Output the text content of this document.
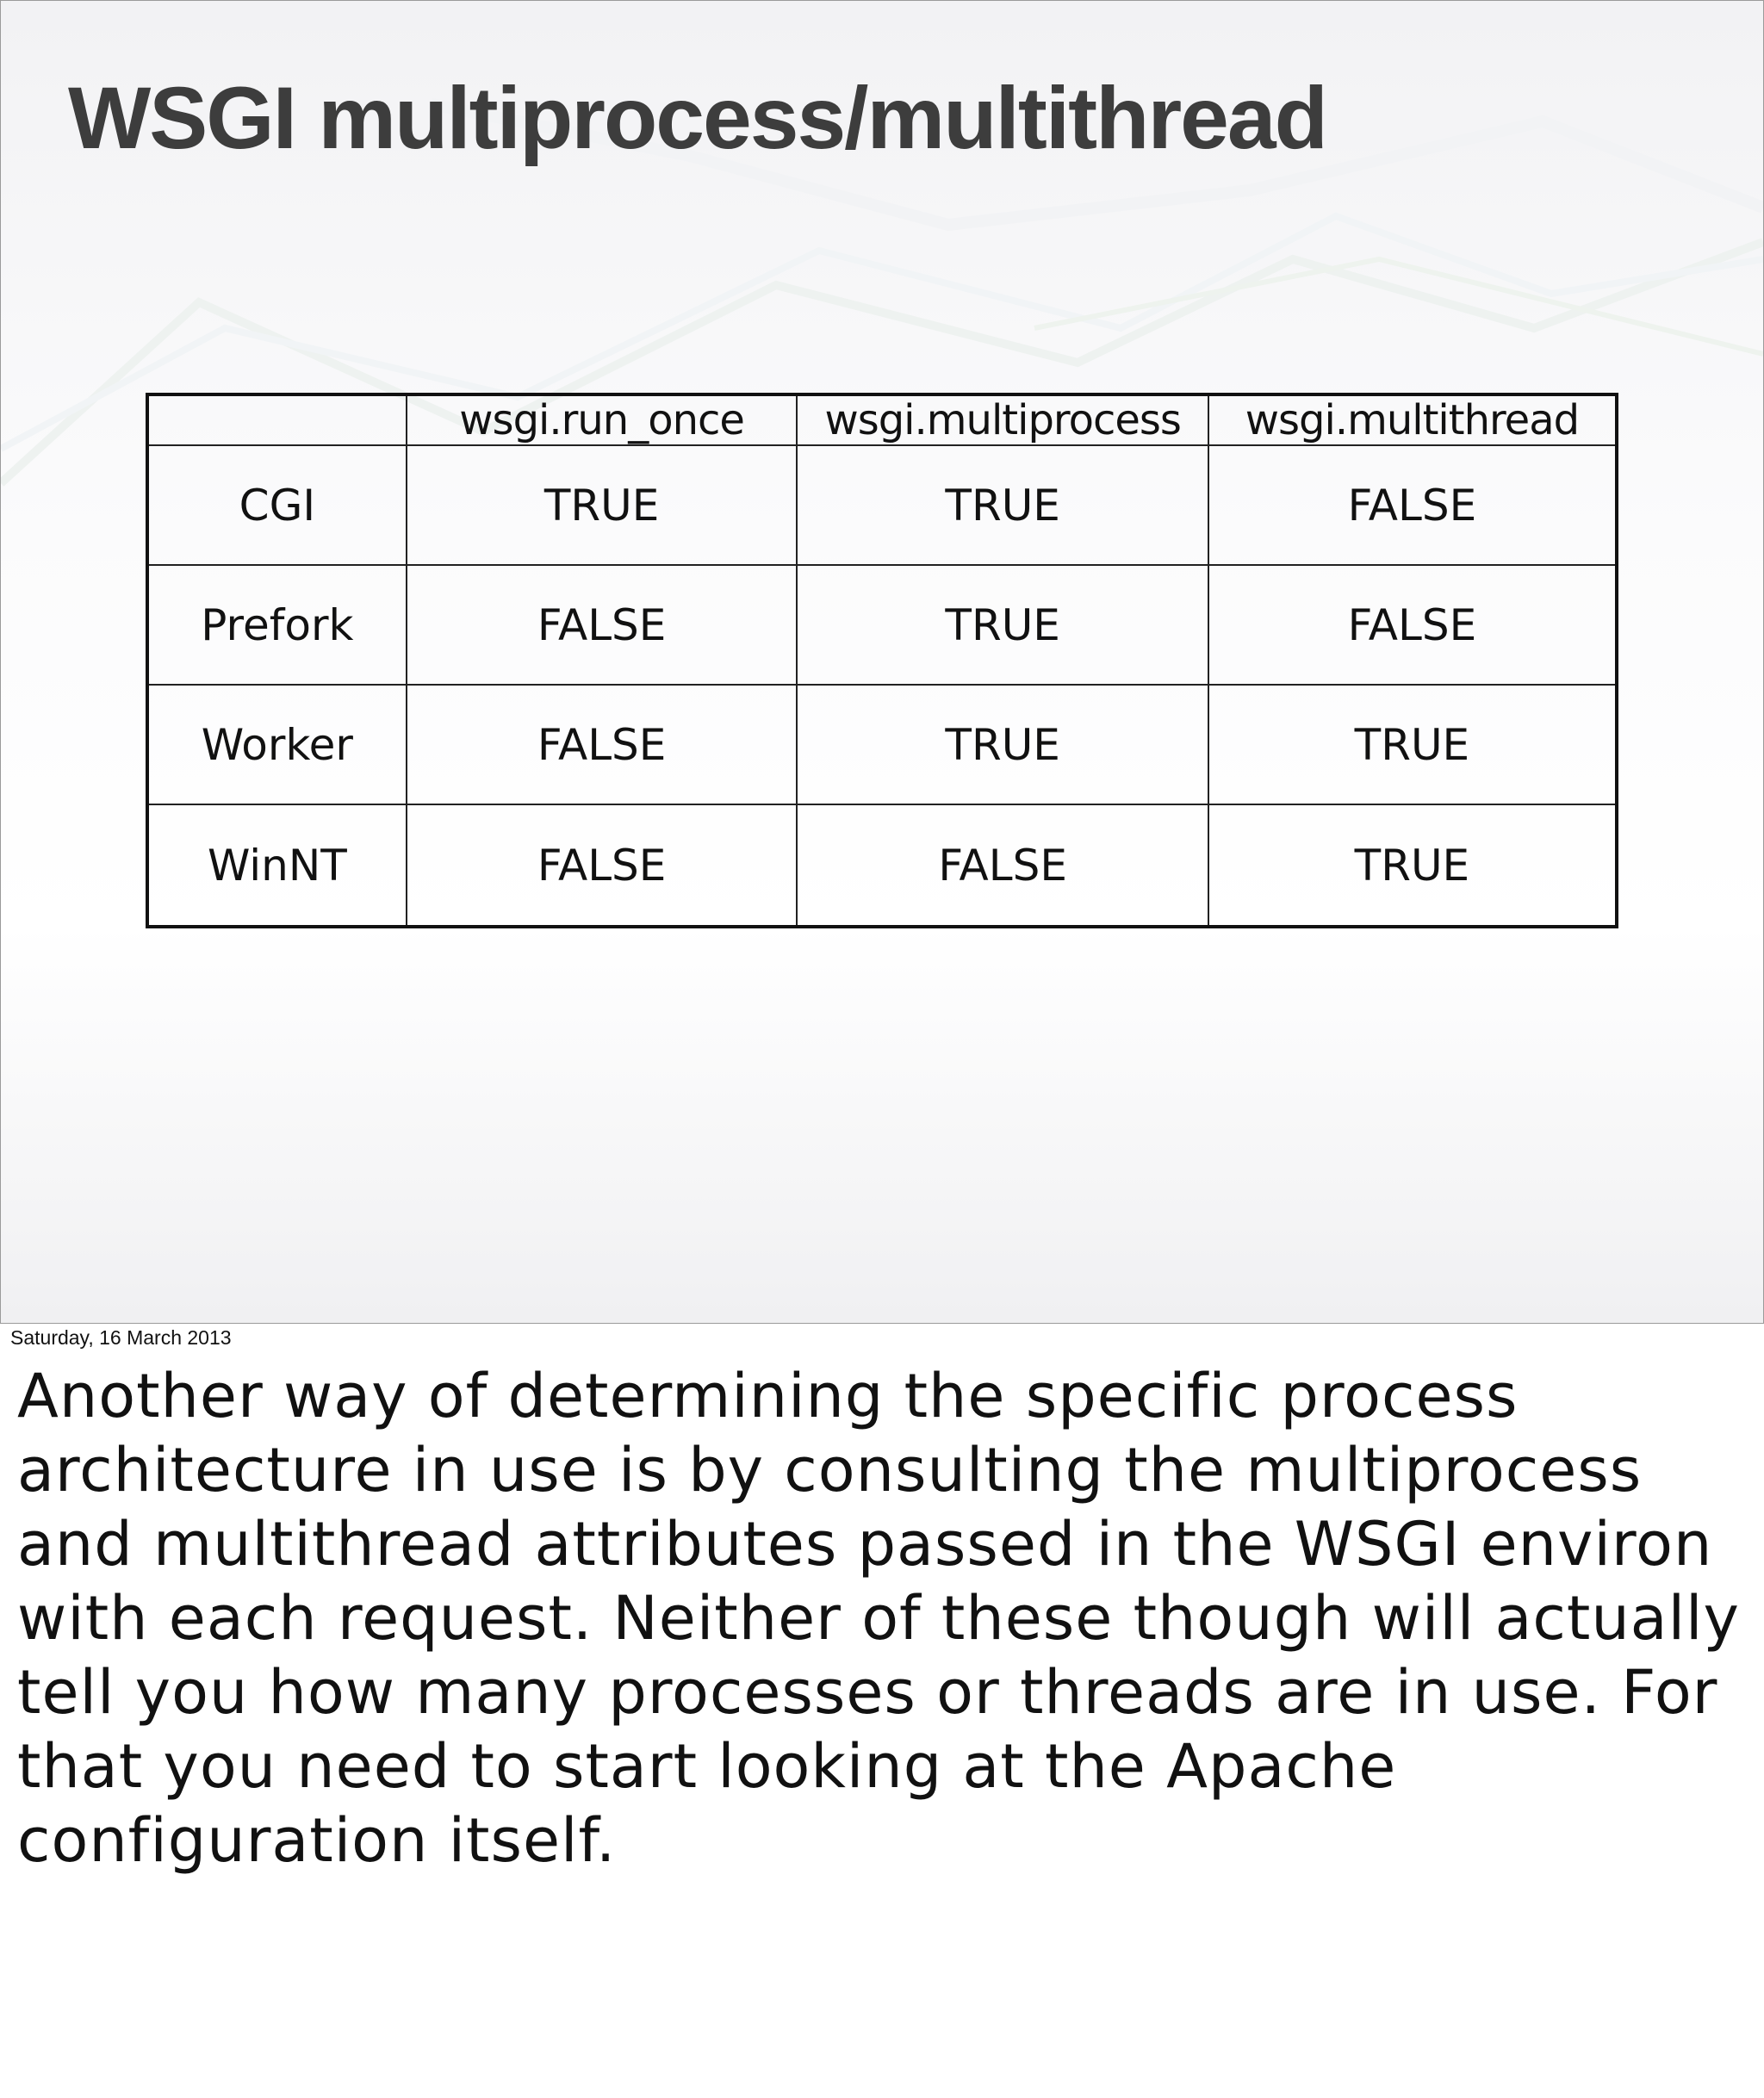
WSGI multiprocess/multithread
	wsgi.run_once	wsgi.multiprocess	wsgi.multithread
CGI	TRUE	TRUE	FALSE
Prefork	FALSE	TRUE	FALSE
Worker	FALSE	TRUE	TRUE
WinNT	FALSE	FALSE	TRUE
Saturday, 16 March 2013

Another way of determining the specific process architecture in use is by consulting the multiprocess and multithread attributes passed in the WSGI environ with each request. Neither of these though will actually tell you how many processes or threads are in use. For that you need to start looking at the Apache configuration itself.
